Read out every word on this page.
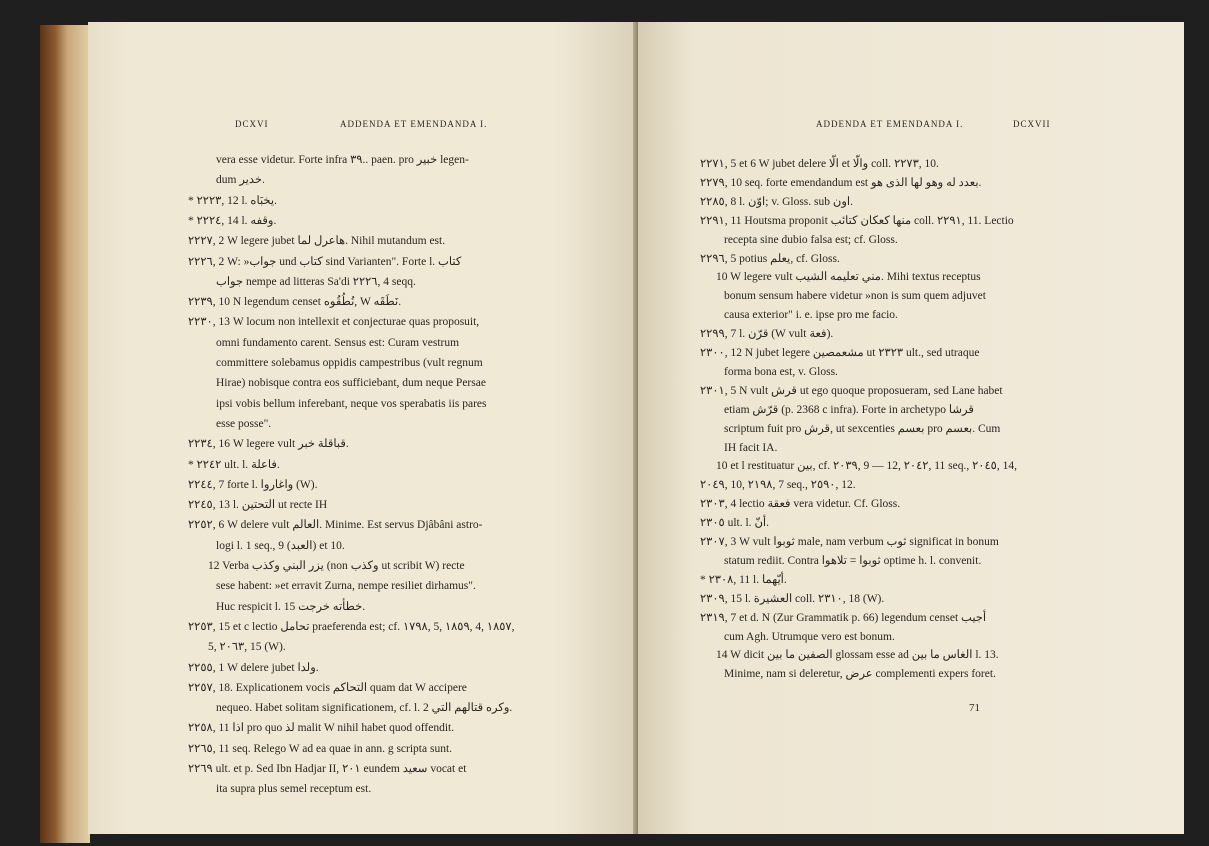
DCXVI	ADDENDA ET EMENDANDA I.
vera esse videtur. Forte infra ۳٩.. paen. pro خبير legen-
dum خدير.
* ٢٢٢٣, 12 l. يخبَاه.
* ٢٢٢٤, 14 l. وقفه.
٢٢٢٧, 2 W legere jubet هاعرل لما. Nihil mutandum est.
٢٢٢٦, 2 W: »جواب und كتاب sind Varianten". Forte l. كتاب
جواب nempe ad litteras Sa'di ٢٢٢٦, 4 seqq.
٢٢٣٩, 10 N legendum censet نُطُقُوه, W نَطَقَه.
٢٢٣٠, 13 W locum non intellexit et conjecturae quas proposuit,
omni fundamento carent. Sensus est: Curam vestrum
committere solebamus oppidis campestribus (vult regnum
Hirae) nobisque contra eos sufficiebant, dum neque Persae
ipsi vobis bellum inferebant, neque vos sperabatis iis pares
esse posse".
٢٢٣٤, 16 W legere vult قباقلة خبر.
* ٢٢٤٢ ult. l. فاعلة.
٢٢٤٤, 7 forte l. واغاروا (W).
٢٢٤٥, 13 l. التحتين ut recte IH
٢٢٥٢, 6 W delere vult العالم. Minime. Est servus Djâbâni astro-
logi l. 1 seq., 9 (العبد) et 10.
12 Verba يزر البني وكذب (non وكذب ut scribit W) recte
sese habent: »et erravit Zurna, nempe resiliet dirhamus".
Huc respicit l. 15 خطأته خرجت.
٢٢٥٣, 15 et c lectio تحامل praeferenda est; cf. ١٧٩٨, 5, ١٨٥٩, 4, ١٨٥٧,
5, ٢٠٦٣, 15 (W).
٢٢٥٥, 1 W delere jubet ولدا.
٢٢٥٧, 18. Explicationem vocis التحاكم quam dat W accipere
nequeo. Habet solitam significationem, cf. l. 2 وكره قتالهم التي.
٢٢٥٨, 11 اذا pro quo لذ malit W nihil habet quod offendit.
٢٢٦٥, 11 seq. Relego W ad ea quae in ann. g scripta sunt.
٢٢٦٩ ult. et p. Sed Ibn Hadjar II, ٢٠١ eundem سعيد vocat et
ita supra plus semel receptum est.
ADDENDA ET EMENDANDA I.	DCXVII
٢٢٧١, 5 et 6 W jubet delere الّا et والّا coll. ٢٢٧٣, 10.
٢٢٧٩, 10 seq. forte emendandum est بعدد له وهو لها الذى هو.
٢٢٨٥, 8 l. اوّن; v. Gloss. sub اون.
٢٢٩١, 11 Houtsma proponit منها كعكان كتائب coll. ٢٢٩١, 11. Lectio
recepta sine dubio falsa est; cf. Gloss.
٢٢٩٦, 5 potius يعلم, cf. Gloss.
10 W legere vult مني تعليمه الشيب. Mihi textus receptus
bonum sensum habere videtur »non is sum quem adjuvet
causa exterior" i. e. ipse pro me facio.
٢٢٩٩, 7 l. قرّن (W vult فعة).
٢٣٠٠, 12 N jubet legere مشعمصين ut ٢٣٢٣ ult., sed utraque
forma bona est, v. Gloss.
٢٣٠١, 5 N vult قرش ut ego quoque proposueram, sed Lane habet
etiam قرّش (p. 2368 c infra). Forte in archetypo قرشا
scriptum fuit pro قرش, ut sexcenties بعسم pro بعسم. Cum
IH facit IA.
10 et l restituatur بين, cf. ٢٠٣٩, 9 — 12, ٢٠٤٢, 11 seq., ٢٠٤٥, 14,
٢٠٤٩, 10, ٢١٩٨, 7 seq., ٢٥٩٠, 12.
٢٣٠٣, 4 lectio فعقة vera videtur. Cf. Gloss.
٢٣٠٥ ult. l. أنّ.
٢٣٠٧, 3 W vult ثوبوا male, nam verbum ثوب significat in bonum
statum rediit. Contra ثوبوا = تلاهوا optime h. l. convenit.
* ٢٣٠٨, 11 l. أيّهما.
٢٣٠٩, 15 l. العشيرة coll. ٢٣١٠, 18 (W).
٢٣١٩, 7 et d. N (Zur Grammatik p. 66) legendum censet أجيب
cum Agh. Utrumque vero est bonum.
14 W dicit الصفين ما بين glossam esse ad الغاس ما بين l. 13.
Minime, nam si deleretur, عرض complementi expers foret.
71
